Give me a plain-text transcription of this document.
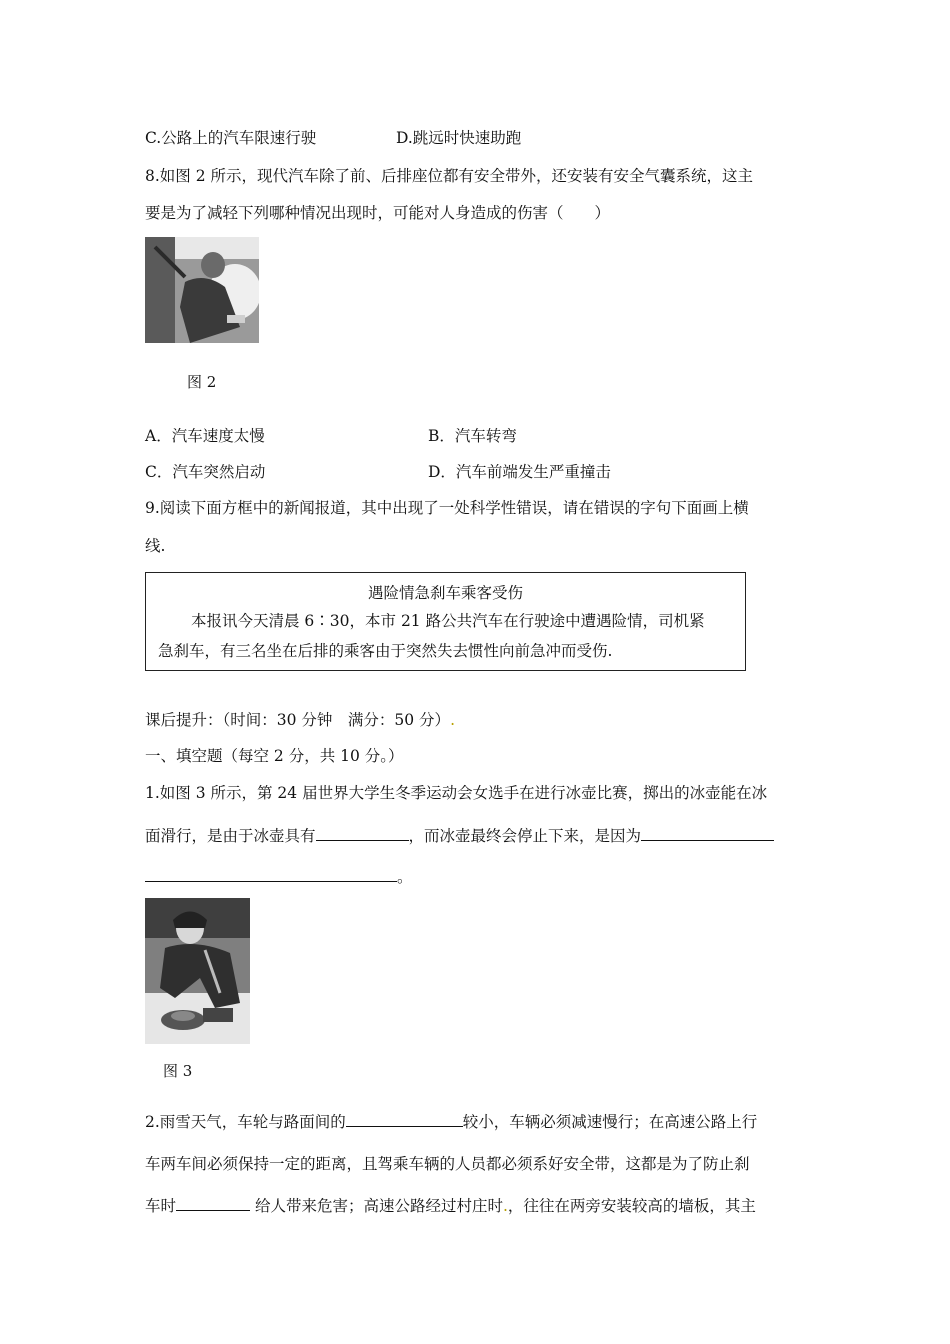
C.公路上的汽车限速行驶	D.跳远时快速助跑
8.如图 2 所示，现代汽车除了前、后排座位都有安全带外，还安装有安全气囊系统，这主
要是为了减轻下列哪种情况出现时，可能对人身造成的伤害（　　）
图 2
A．汽车速度太慢	B．汽车转弯
C．汽车突然启动	D．汽车前端发生严重撞击
9.阅读下面方框中的新闻报道，其中出现了一处科学性错误，请在错误的字句下面画上横
线.
遇险情急刹车乘客受伤
本报讯今天清晨 6∶30，本市 21 路公共汽车在行驶途中遭遇险情，司机紧
急刹车，有三名坐在后排的乘客由于突然失去惯性向前急冲而受伤.
课后提升：（时间：30 分钟　满分：50 分）.
一、填空题（每空 2 分，共 10 分。）
1.如图 3 所示，第 24 届世界大学生冬季运动会女选手在进行冰壶比赛，掷出的冰壶能在冰
面滑行，是由于冰壶具有	，而冰壶最终会停止下来，是因为
。
图 3
2.雨雪天气，车轮与路面间的	较小，车辆必须减速慢行；在高速公路上行
车两车间必须保持一定的距离，且驾乘车辆的人员都必须系好安全带，这都是为了防止刹
车时	给人带来危害；高速公路经过村庄时.，往往在两旁安装较高的墙板，其主
